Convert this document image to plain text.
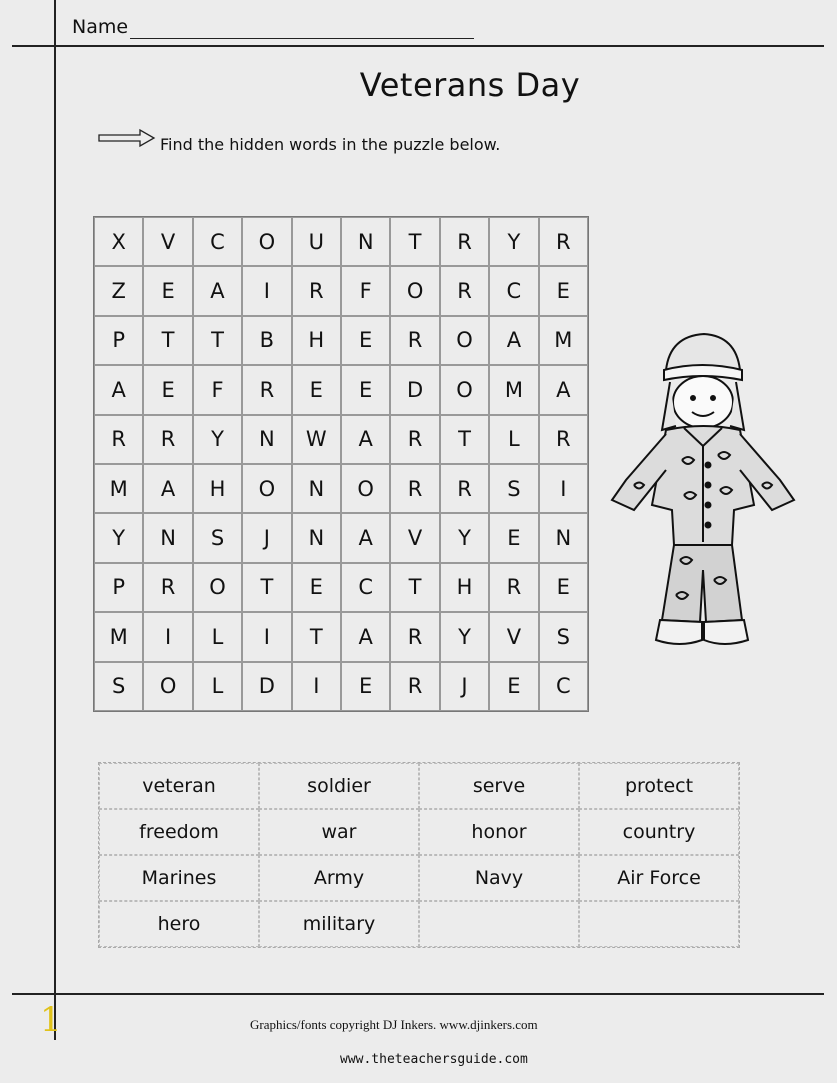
Name
Veterans Day
Find the hidden words in the puzzle below.
X	V	C	O	U	N	T	R	Y	R
Z	E	A	I	R	F	O	R	C	E
P	T	T	B	H	E	R	O	A	M
A	E	F	R	E	E	D	O	M	A
R	R	Y	N	W	A	R	T	L	R
M	A	H	O	N	O	R	R	S	I
Y	N	S	J	N	A	V	Y	E	N
P	R	O	T	E	C	T	H	R	E
M	I	L	I	T	A	R	Y	V	S
S	O	L	D	I	E	R	J	E	C
veteran	soldier	serve	protect
freedom	war	honor	country
Marines	Army	Navy	Air Force
hero	military
1	Graphics/fonts copyright DJ Inkers. www.djinkers.com
www.theteachersguide.com
